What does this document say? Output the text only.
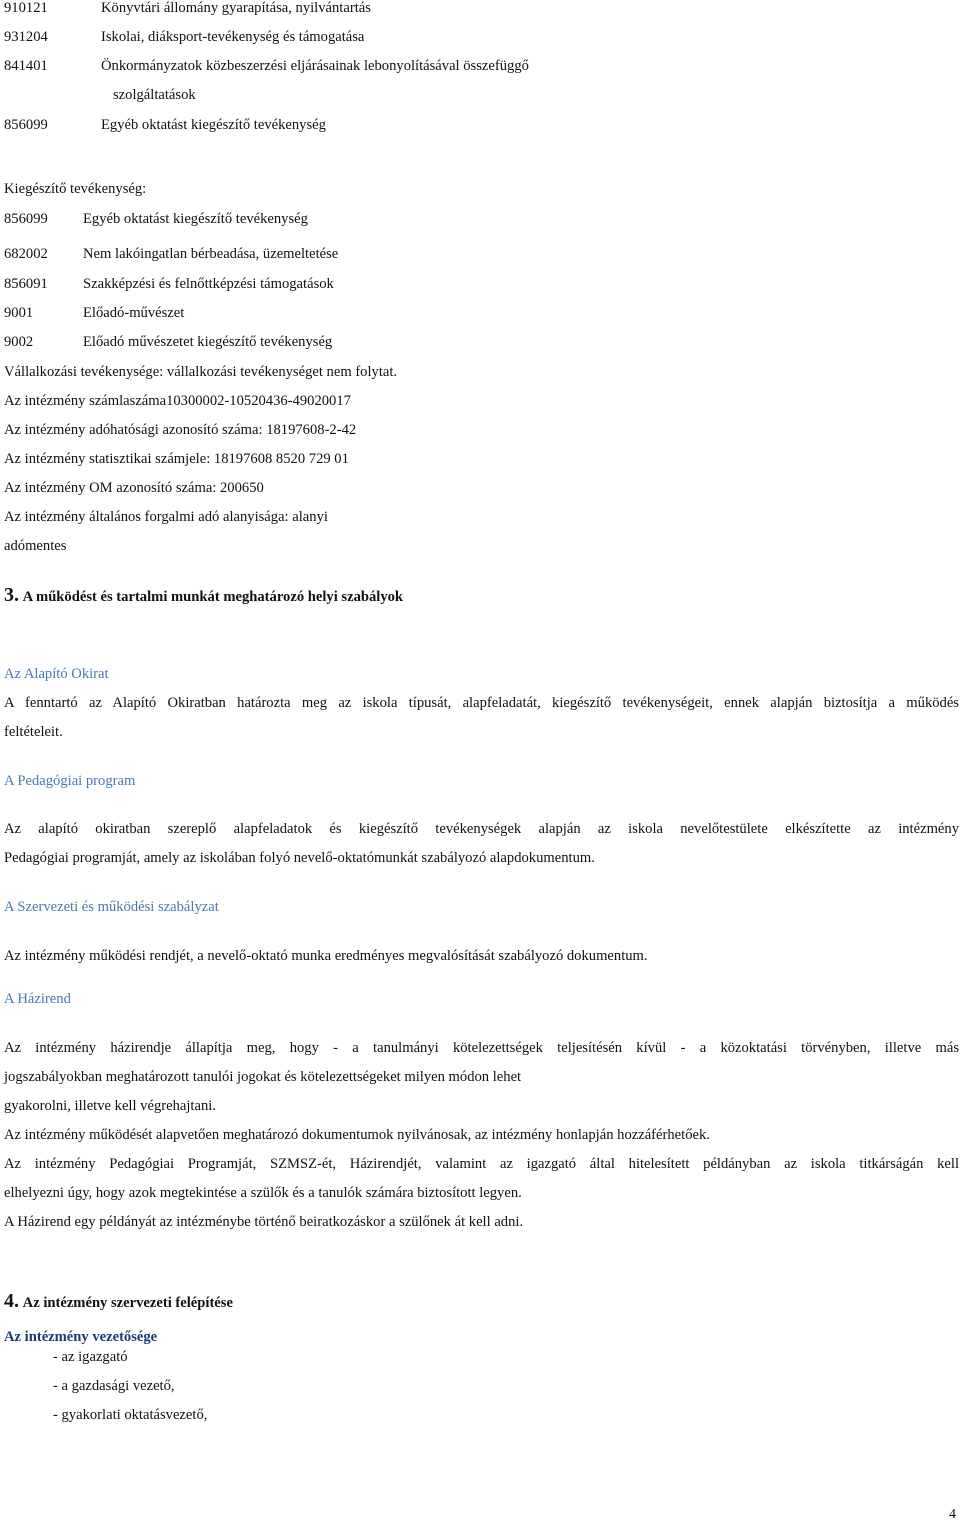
910121	Könyvtári állomány gyarapítása, nyilvántartás
931204	Iskolai, diáksport-tevékenység és támogatása
841401	Önkormányzatok közbeszerzési eljárásainak lebonyolításával összefüggő
szolgáltatások
856099	Egyéb oktatást kiegészítő tevékenység
Kiegészítő tevékenység:
856099 Egyéb oktatást kiegészítő tevékenység
682002 Nem lakóingatlan bérbeadása, üzemeltetése
856091 Szakképzési és felnőttképzési támogatások
9001	Előadó-művészet
9002	Előadó művészetet kiegészítő tevékenység
Vállalkozási tevékenysége: vállalkozási tevékenységet nem folytat.
Az intézmény számlaszáma10300002-10520436-49020017
Az intézmény adóhatósági azonosító száma: 18197608-2-42
Az intézmény statisztikai számjele: 18197608 8520 729 01
Az intézmény OM azonosító száma: 200650
Az intézmény általános forgalmi adó alanyisága: alanyi
adómentes
3. A működést és tartalmi munkát meghatározó helyi szabályok
Az Alapító Okirat
A fenntartó az Alapító Okiratban határozta meg az iskola típusát, alapfeladatát, kiegészítő tevékenységeit, ennek alapján biztosítja a működés
feltételeit.
A Pedagógiai program
Az alapító okiratban szereplő alapfeladatok és kiegészítő tevékenységek alapján az iskola nevelőtestülete elkészítette az intézmény
Pedagógiai programját, amely az iskolában folyó nevelő-oktatómunkát szabályozó alapdokumentum.
A Szervezeti és működési szabályzat
Az intézmény működési rendjét, a nevelő-oktató munka eredményes megvalósítását szabályozó dokumentum.
A Házirend
Az intézmény házirendje állapítja meg, hogy - a tanulmányi kötelezettségek teljesítésén kívül - a közoktatási törvényben, illetve más
jogszabályokban meghatározott tanulói jogokat és kötelezettségeket milyen módon lehet
gyakorolni, illetve kell végrehajtani.
Az intézmény működését alapvetően meghatározó dokumentumok nyilvánosak, az intézmény honlapján hozzáférhetőek.
Az intézmény Pedagógiai Programját, SZMSZ-ét, Házirendjét, valamint az igazgató által hitelesített példányban az iskola titkárságán kell
elhelyezni úgy, hogy azok megtekintése a szülők és a tanulók számára biztosított legyen.
A Házirend egy példányát az intézménybe történő beiratkozáskor a szülőnek át kell adni.
4. Az intézmény szervezeti felépítése
Az intézmény vezetősége
- az igazgató
- a gazdasági vezető,
- gyakorlati oktatásvezető,
4
